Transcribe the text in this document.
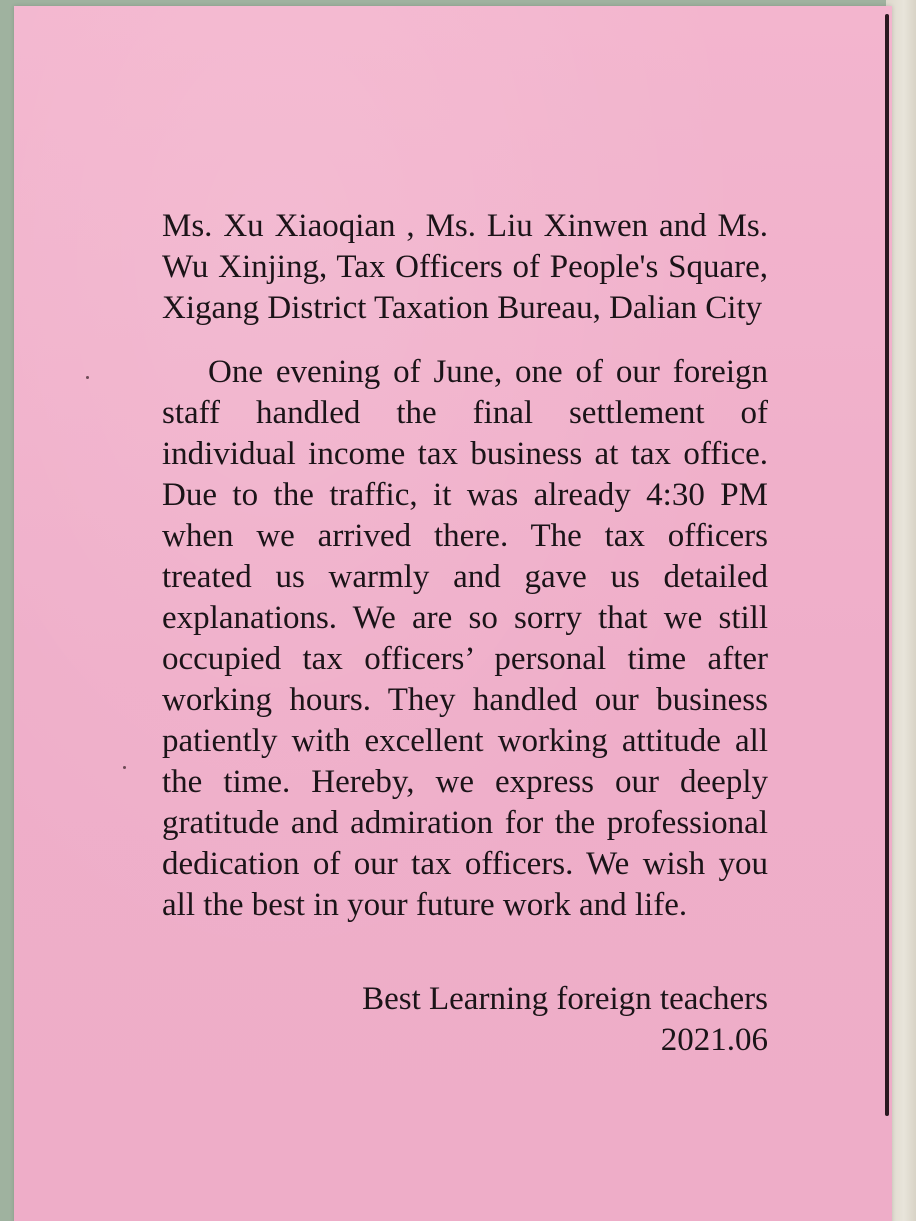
Ms. Xu Xiaoqian , Ms. Liu Xinwen and Ms. Wu Xinjing, Tax Officers of People's Square, Xigang District Taxation Bureau, Dalian City

One evening of June, one of our foreign staff handled the final settlement of individual income tax business at tax office. Due to the traffic, it was already 4:30 PM when we arrived there. The tax officers treated us warmly and gave us detailed explanations. We are so sorry that we still occupied tax officers’ personal time after working hours. They handled our business patiently with excellent working attitude all the time. Hereby, we express our deeply gratitude and admiration for the professional dedication of our tax officers. We wish you all the best in your future work and life.

Best Learning foreign teachers
2021.06
